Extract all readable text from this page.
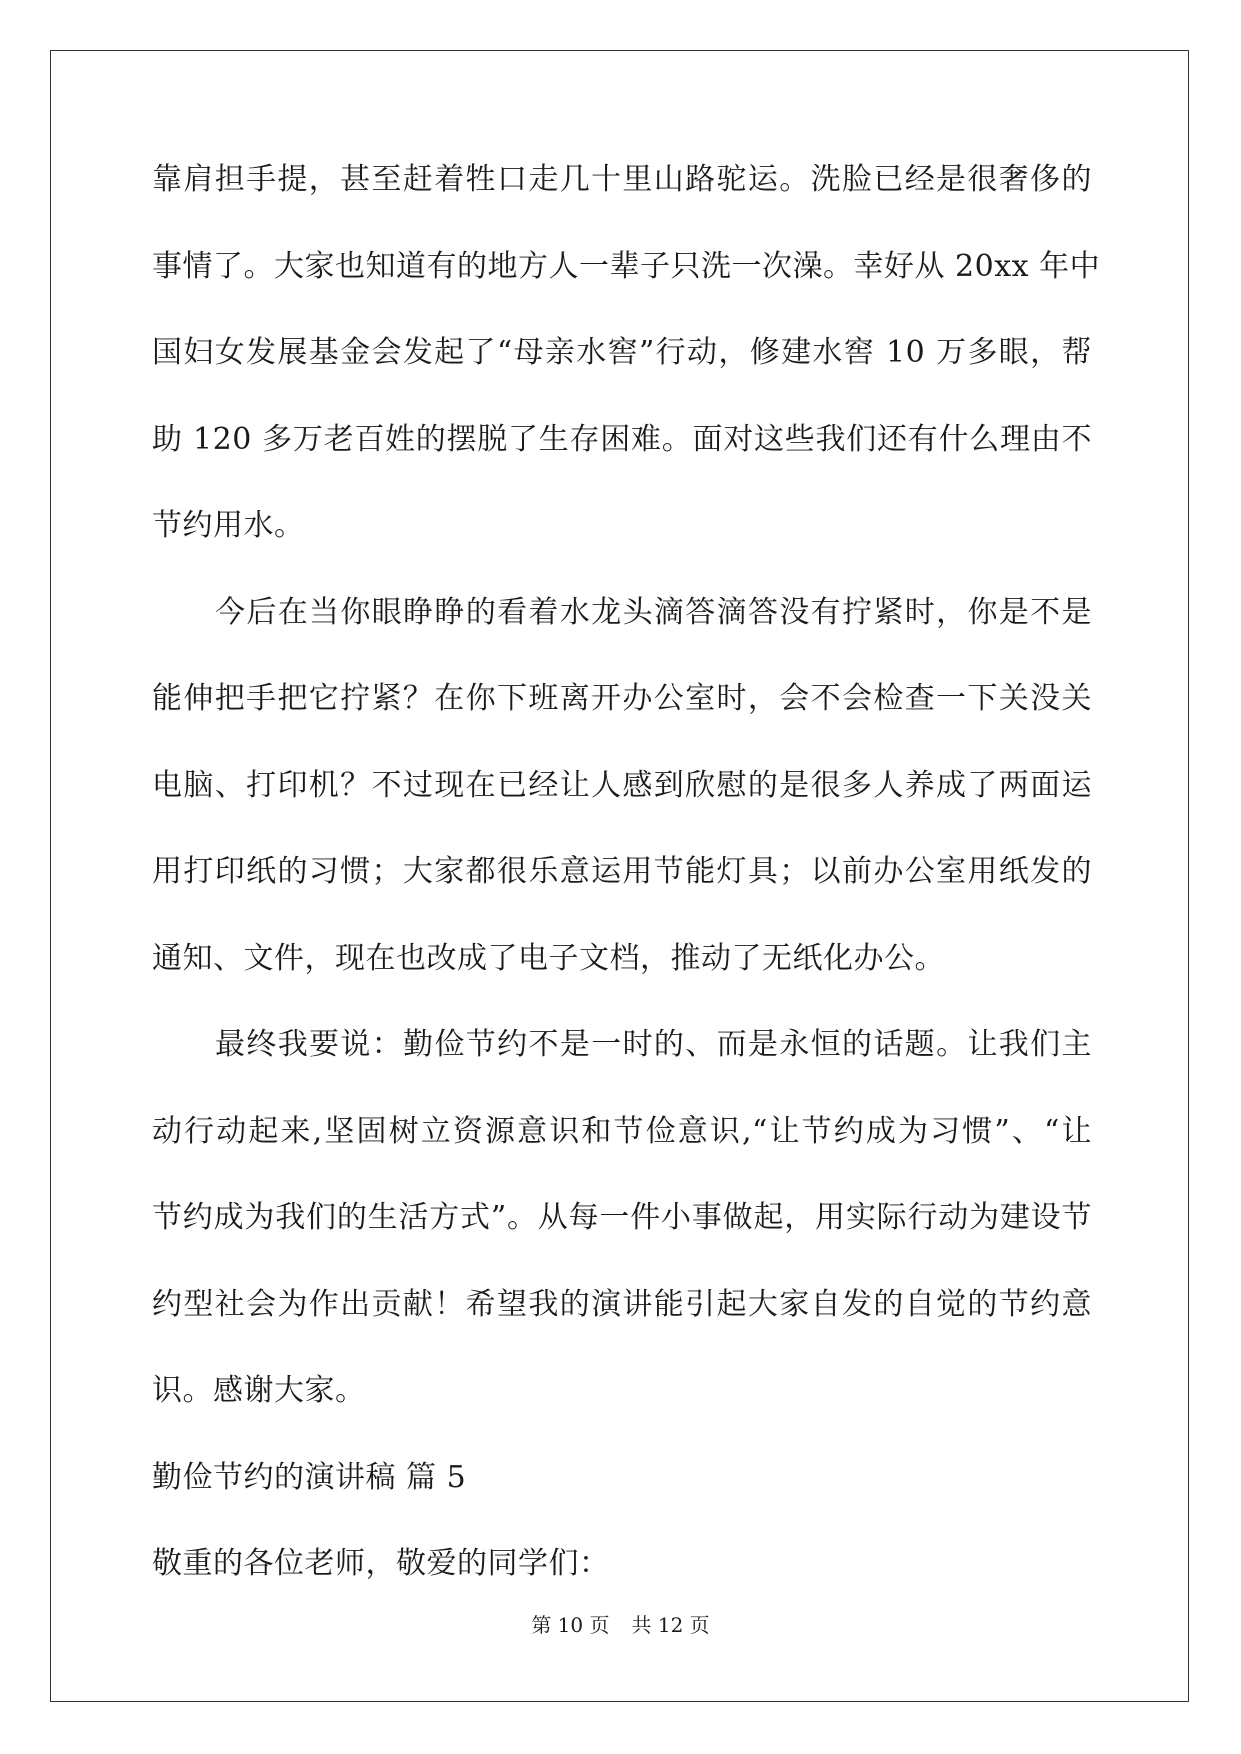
靠肩担手提，甚至赶着牲口走几十里山路驼运。洗脸已经是很奢侈的
事情了。大家也知道有的地方人一辈子只洗一次澡。幸好从 20xx 年中
国妇女发展基金会发起了“母亲水窖”行动，修建水窖 10 万多眼，帮
助 120 多万老百姓的摆脱了生存困难。面对这些我们还有什么理由不
节约用水。
今后在当你眼睁睁的看着水龙头滴答滴答没有拧紧时，你是不是
能伸把手把它拧紧？在你下班离开办公室时，会不会检查一下关没关
电脑、打印机？不过现在已经让人感到欣慰的是很多人养成了两面运
用打印纸的习惯；大家都很乐意运用节能灯具；以前办公室用纸发的
通知、文件，现在也改成了电子文档，推动了无纸化办公。
最终我要说：勤俭节约不是一时的、而是永恒的话题。让我们主
动行动起来,坚固树立资源意识和节俭意识,“让节约成为习惯”、“让
节约成为我们的生活方式”。从每一件小事做起，用实际行动为建设节
约型社会为作出贡献！希望我的演讲能引起大家自发的自觉的节约意
识。感谢大家。
勤俭节约的演讲稿 篇 5
敬重的各位老师，敬爱的同学们：
第 10 页 共 12 页
